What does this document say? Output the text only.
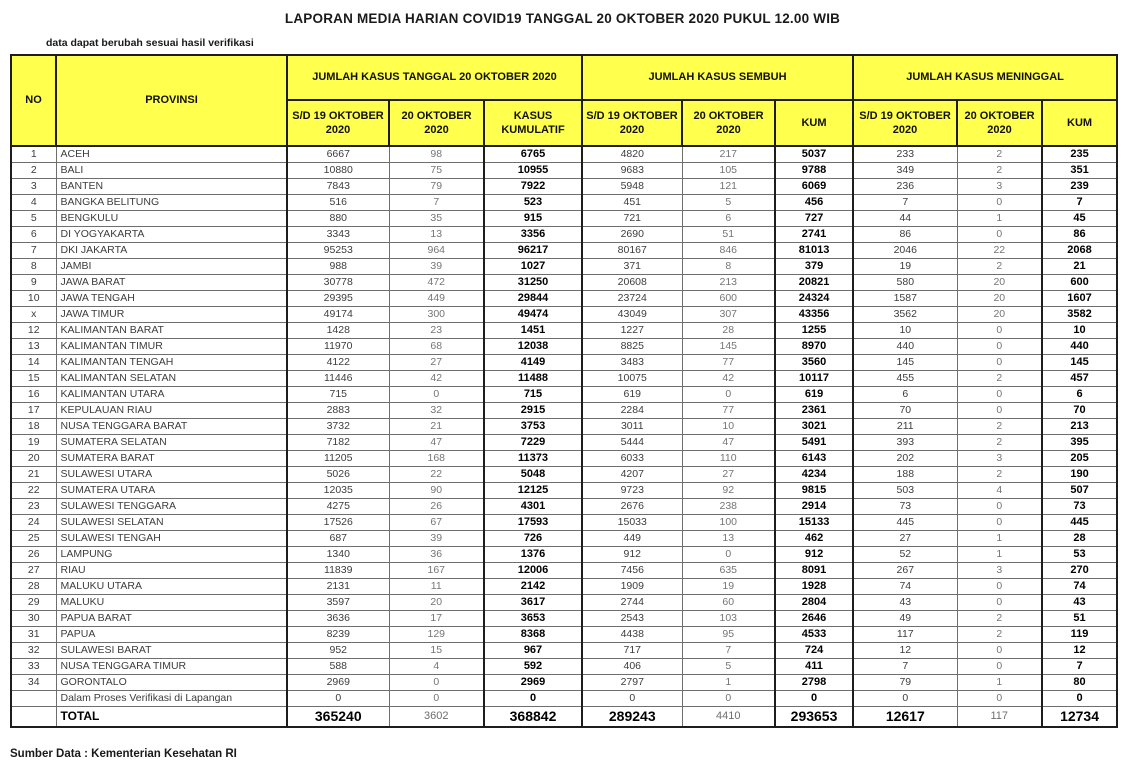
LAPORAN MEDIA HARIAN COVID19 TANGGAL 20 OKTOBER 2020 PUKUL 12.00 WIB
data dapat berubah sesuai hasil verifikasi
NO	PROVINSI	JUMLAH KASUS TANGGAL 20 OKTOBER 2020			JUMLAH KASUS SEMBUH			JUMLAH KASUS MENINGGAL		
		S/D 19 OKTOBER 2020	20 OKTOBER 2020	KASUS KUMULATIF	S/D 19 OKTOBER 2020	20 OKTOBER 2020	KUM	S/D 19 OKTOBER 2020	20 OKTOBER 2020	KUM
1	ACEH	6667	98	6765	4820	217	5037	233	2	235
2	BALI	10880	75	10955	9683	105	9788	349	2	351
3	BANTEN	7843	79	7922	5948	121	6069	236	3	239
4	BANGKA BELITUNG	516	7	523	451	5	456	7	0	7
5	BENGKULU	880	35	915	721	6	727	44	1	45
6	DI YOGYAKARTA	3343	13	3356	2690	51	2741	86	0	86
7	DKI JAKARTA	95253	964	96217	80167	846	81013	2046	22	2068
8	JAMBI	988	39	1027	371	8	379	19	2	21
9	JAWA BARAT	30778	472	31250	20608	213	20821	580	20	600
10	JAWA TENGAH	29395	449	29844	23724	600	24324	1587	20	1607
x	JAWA TIMUR	49174	300	49474	43049	307	43356	3562	20	3582
12	KALIMANTAN BARAT	1428	23	1451	1227	28	1255	10	0	10
13	KALIMANTAN TIMUR	11970	68	12038	8825	145	8970	440	0	440
14	KALIMANTAN TENGAH	4122	27	4149	3483	77	3560	145	0	145
15	KALIMANTAN SELATAN	11446	42	11488	10075	42	10117	455	2	457
16	KALIMANTAN UTARA	715	0	715	619	0	619	6	0	6
17	KEPULAUAN RIAU	2883	32	2915	2284	77	2361	70	0	70
18	NUSA TENGGARA BARAT	3732	21	3753	3011	10	3021	211	2	213
19	SUMATERA SELATAN	7182	47	7229	5444	47	5491	393	2	395
20	SUMATERA BARAT	11205	168	11373	6033	110	6143	202	3	205
21	SULAWESI UTARA	5026	22	5048	4207	27	4234	188	2	190
22	SUMATERA UTARA	12035	90	12125	9723	92	9815	503	4	507
23	SULAWESI TENGGARA	4275	26	4301	2676	238	2914	73	0	73
24	SULAWESI SELATAN	17526	67	17593	15033	100	15133	445	0	445
25	SULAWESI TENGAH	687	39	726	449	13	462	27	1	28
26	LAMPUNG	1340	36	1376	912	0	912	52	1	53
27	RIAU	11839	167	12006	7456	635	8091	267	3	270
28	MALUKU UTARA	2131	11	2142	1909	19	1928	74	0	74
29	MALUKU	3597	20	3617	2744	60	2804	43	0	43
30	PAPUA BARAT	3636	17	3653	2543	103	2646	49	2	51
31	PAPUA	8239	129	8368	4438	95	4533	117	2	119
32	SULAWESI BARAT	952	15	967	717	7	724	12	0	12
33	NUSA TENGGARA TIMUR	588	4	592	406	5	411	7	0	7
34	GORONTALO	2969	0	2969	2797	1	2798	79	1	80
	Dalam Proses Verifikasi di Lapangan	0	0	0	0	0	0	0	0	0
	TOTAL	365240	3602	368842	289243	4410	293653	12617	117	12734
Sumber Data : Kementerian Kesehatan RI
